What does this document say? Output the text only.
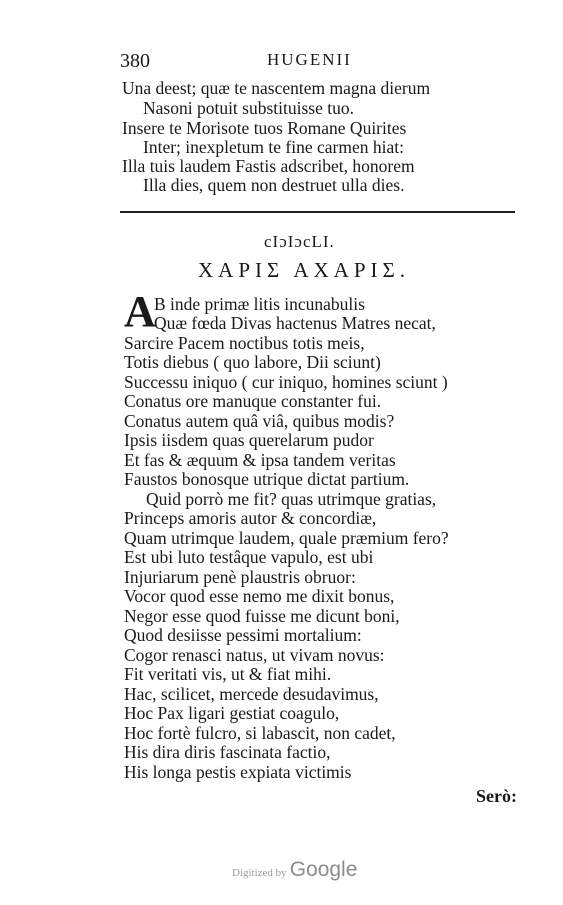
380	HUGENII
Una deest; quæ te nascentem magna dierum
Nasoni potuit substituisse tuo.
Insere te Morisote tuos Romane Quirites
Inter; inexpletum te fine carmen hiat:
Illa tuis laudem Fastis adscribet, honorem
Illa dies, quem non destruet ulla dies.
cIɔIɔcLI.
ΧΑΡΙΣ ΑΧΑΡΙΣ.
A
B inde primæ litis incunabulis
Quæ fœda Divas hactenus Matres necat,
Sarcire Pacem noctibus totis meis,
Totis diebus ( quo labore, Dii sciunt)
Successu iniquo ( cur iniquo, homines sciunt )
Conatus ore manuque constanter fui.
Conatus autem quâ viâ, quibus modis?
Ipsis iisdem quas querelarum pudor
Et fas & æquum & ipsa tandem veritas
Faustos bonosque utrique dictat partium.
Quid porrò me fit? quas utrimque gratias,
Princeps amoris autor & concordiæ,
Quam utrimque laudem, quale præmium fero?
Est ubi luto testâque vapulo, est ubi
Injuriarum penè plaustris obruor:
Vocor quod esse nemo me dixit bonus,
Negor esse quod fuisse me dicunt boni,
Quod desiisse pessimi mortalium:
Cogor renasci natus, ut vivam novus:
Fit veritati vis, ut & fiat mihi.
Hac, scilicet, mercede desudavimus,
Hoc Pax ligari gestiat coagulo,
Hoc fortè fulcro, si labascit, non cadet,
His dira diris fascinata factio,
His longa pestis expiata victimis
Serò:
Digitized by Google
